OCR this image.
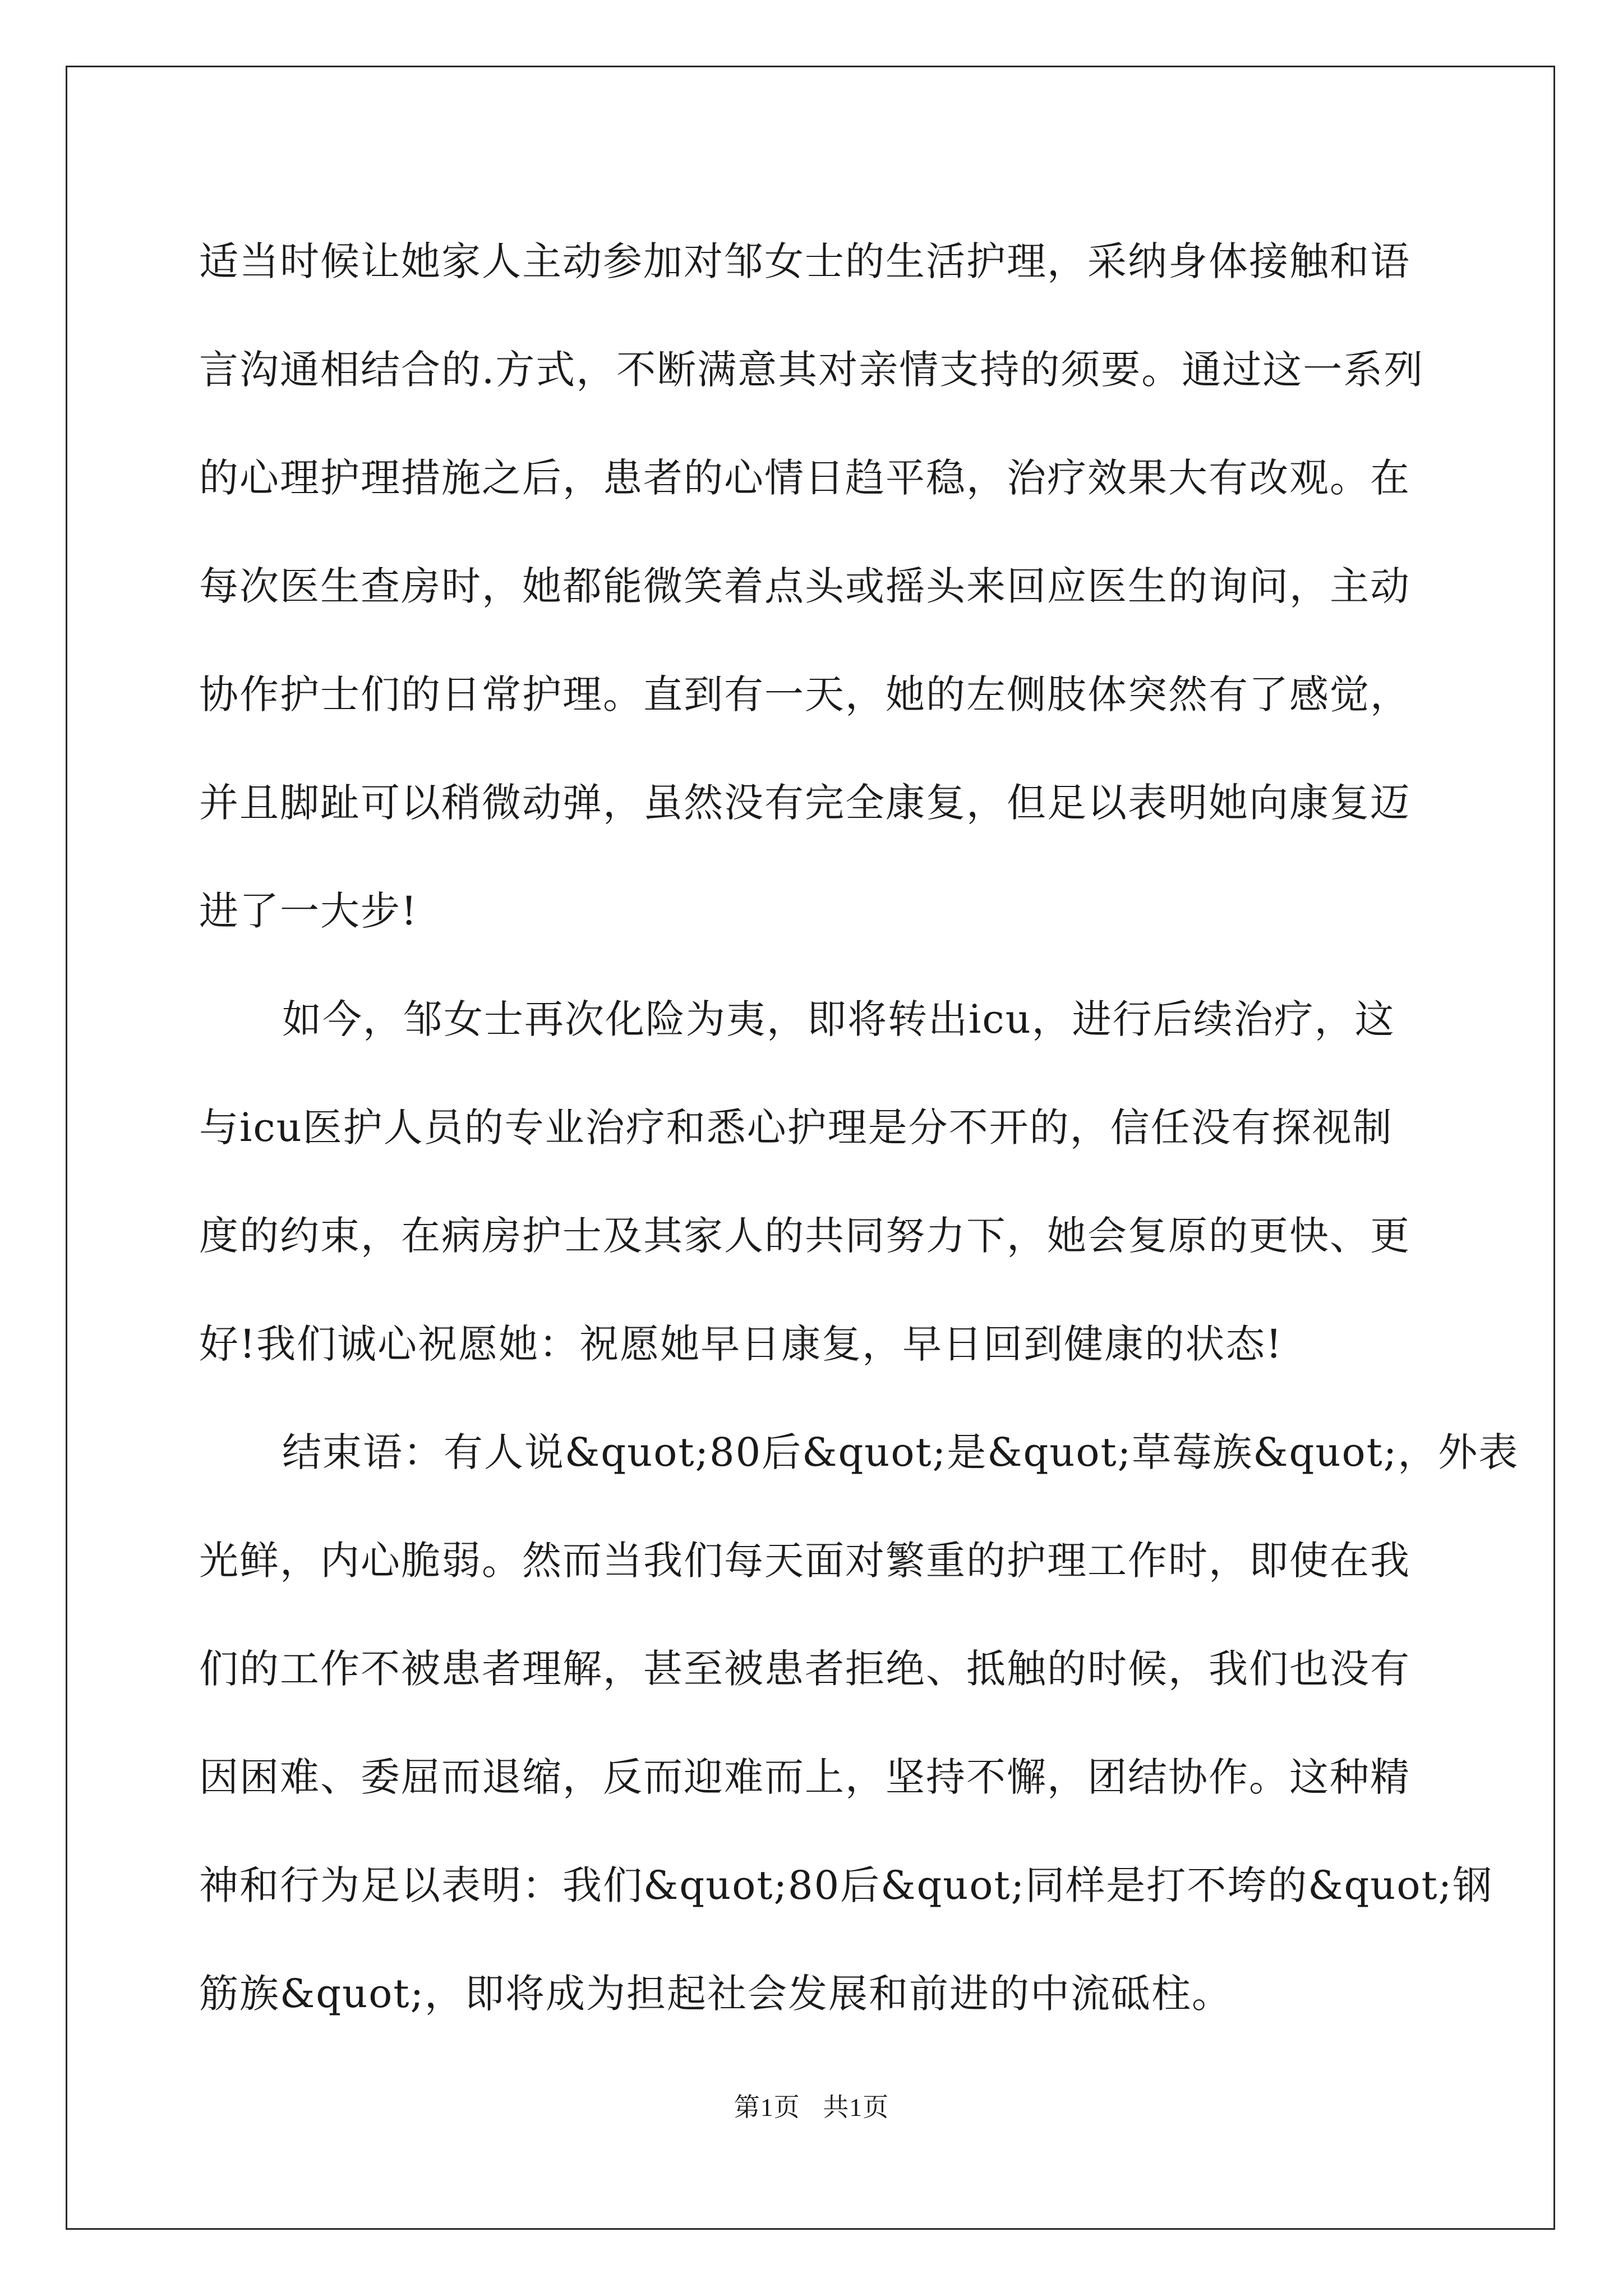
适当时候让她家人主动参加对邹女士的生活护理，采纳身体接触和语
言沟通相结合的.方式，不断满意其对亲情支持的须要。通过这一系列
的心理护理措施之后，患者的心情日趋平稳，治疗效果大有改观。在
每次医生查房时，她都能微笑着点头或摇头来回应医生的询问，主动
协作护士们的日常护理。直到有一天，她的左侧肢体突然有了感觉，
并且脚趾可以稍微动弹，虽然没有完全康复，但足以表明她向康复迈
进了一大步!

如今，邹女士再次化险为夷，即将转出icu，进行后续治疗，这
与icu医护人员的专业治疗和悉心护理是分不开的，信任没有探视制
度的约束，在病房护士及其家人的共同努力下，她会复原的更快、更
好!我们诚心祝愿她：祝愿她早日康复，早日回到健康的状态!

结束语：有人说&quot;80后&quot;是&quot;草莓族&quot;，外表
光鲜，内心脆弱。然而当我们每天面对繁重的护理工作时，即使在我
们的工作不被患者理解，甚至被患者拒绝、抵触的时候，我们也没有
因困难、委屈而退缩，反而迎难而上，坚持不懈，团结协作。这种精
神和行为足以表明：我们&quot;80后&quot;同样是打不垮的&quot;钢
筋族&quot;，即将成为担起社会发展和前进的中流砥柱。

第1页 共1页
